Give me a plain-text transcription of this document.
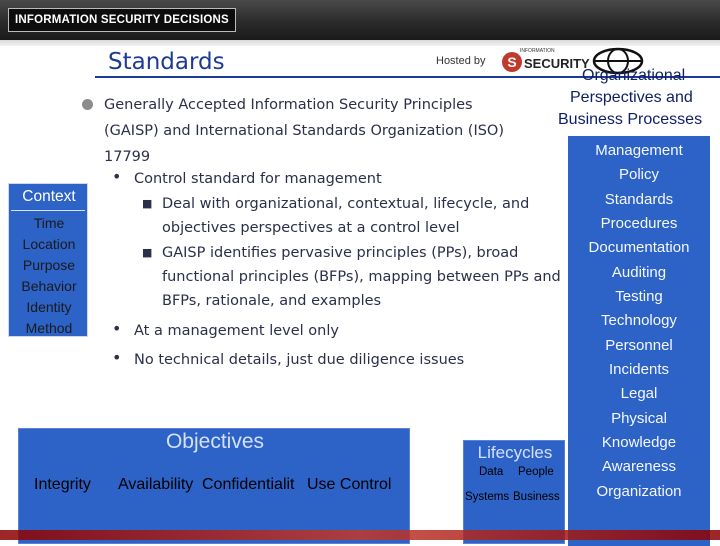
INFORMATION SECURITY DECISIONS
Standards	Hosted by
INFORMATION
S SECURITY
Generally Accepted Information Security Principles (GAISP) and International Standards Organization (ISO) 17799
• Control standard for management
■ Deal with organizational, contextual, lifecycle, and objectives perspectives at a control level
■ GAISP identifies pervasive principles (PPs), broad functional principles (BFPs), mapping between PPs and BFPs, rationale, and examples
• At a management level only
• No technical details, just due diligence issues
Context
Time
Location
Purpose
Behavior
Identity
Method
Objectives
Integrity Availability Confidentialit Use Control
Lifecycles
Data People
Systems Business
Organizational
Perspectives and
Business Processes
Management
Policy
Standards
Procedures
Documentation
Auditing
Testing
Technology
Personnel
Incidents
Legal
Physical
Knowledge
Awareness
Organization
